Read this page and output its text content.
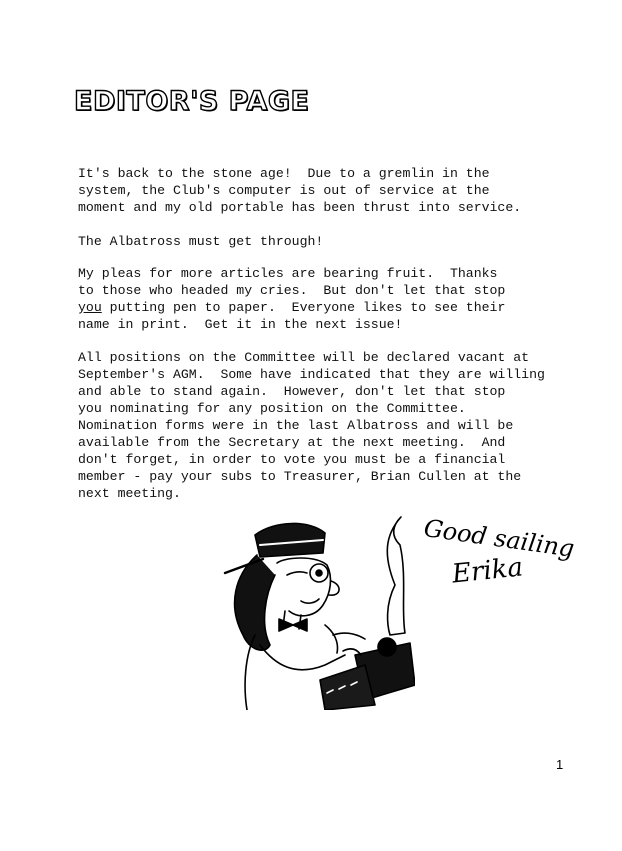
EDITOR'S PAGE
It's back to the stone age!  Due to a gremlin in the
system, the Club's computer is out of service at the
moment and my old portable has been thrust into service.
The Albatross must get through!
My pleas for more articles are bearing fruit.  Thanks
to those who headed my cries.  But don't let that stop
you putting pen to paper.  Everyone likes to see their
name in print.  Get it in the next issue!
All positions on the Committee will be declared vacant at
September's AGM.  Some have indicated that they are willing
and able to stand again.  However, don't let that stop
you nominating for any position on the Committee.
Nomination forms were in the last Albatross and will be
available from the Secretary at the next meeting.  And
don't forget, in order to vote you must be a financial
member - pay your subs to Treasurer, Brian Cullen at the
next meeting.
Good sailing
Erika
1
